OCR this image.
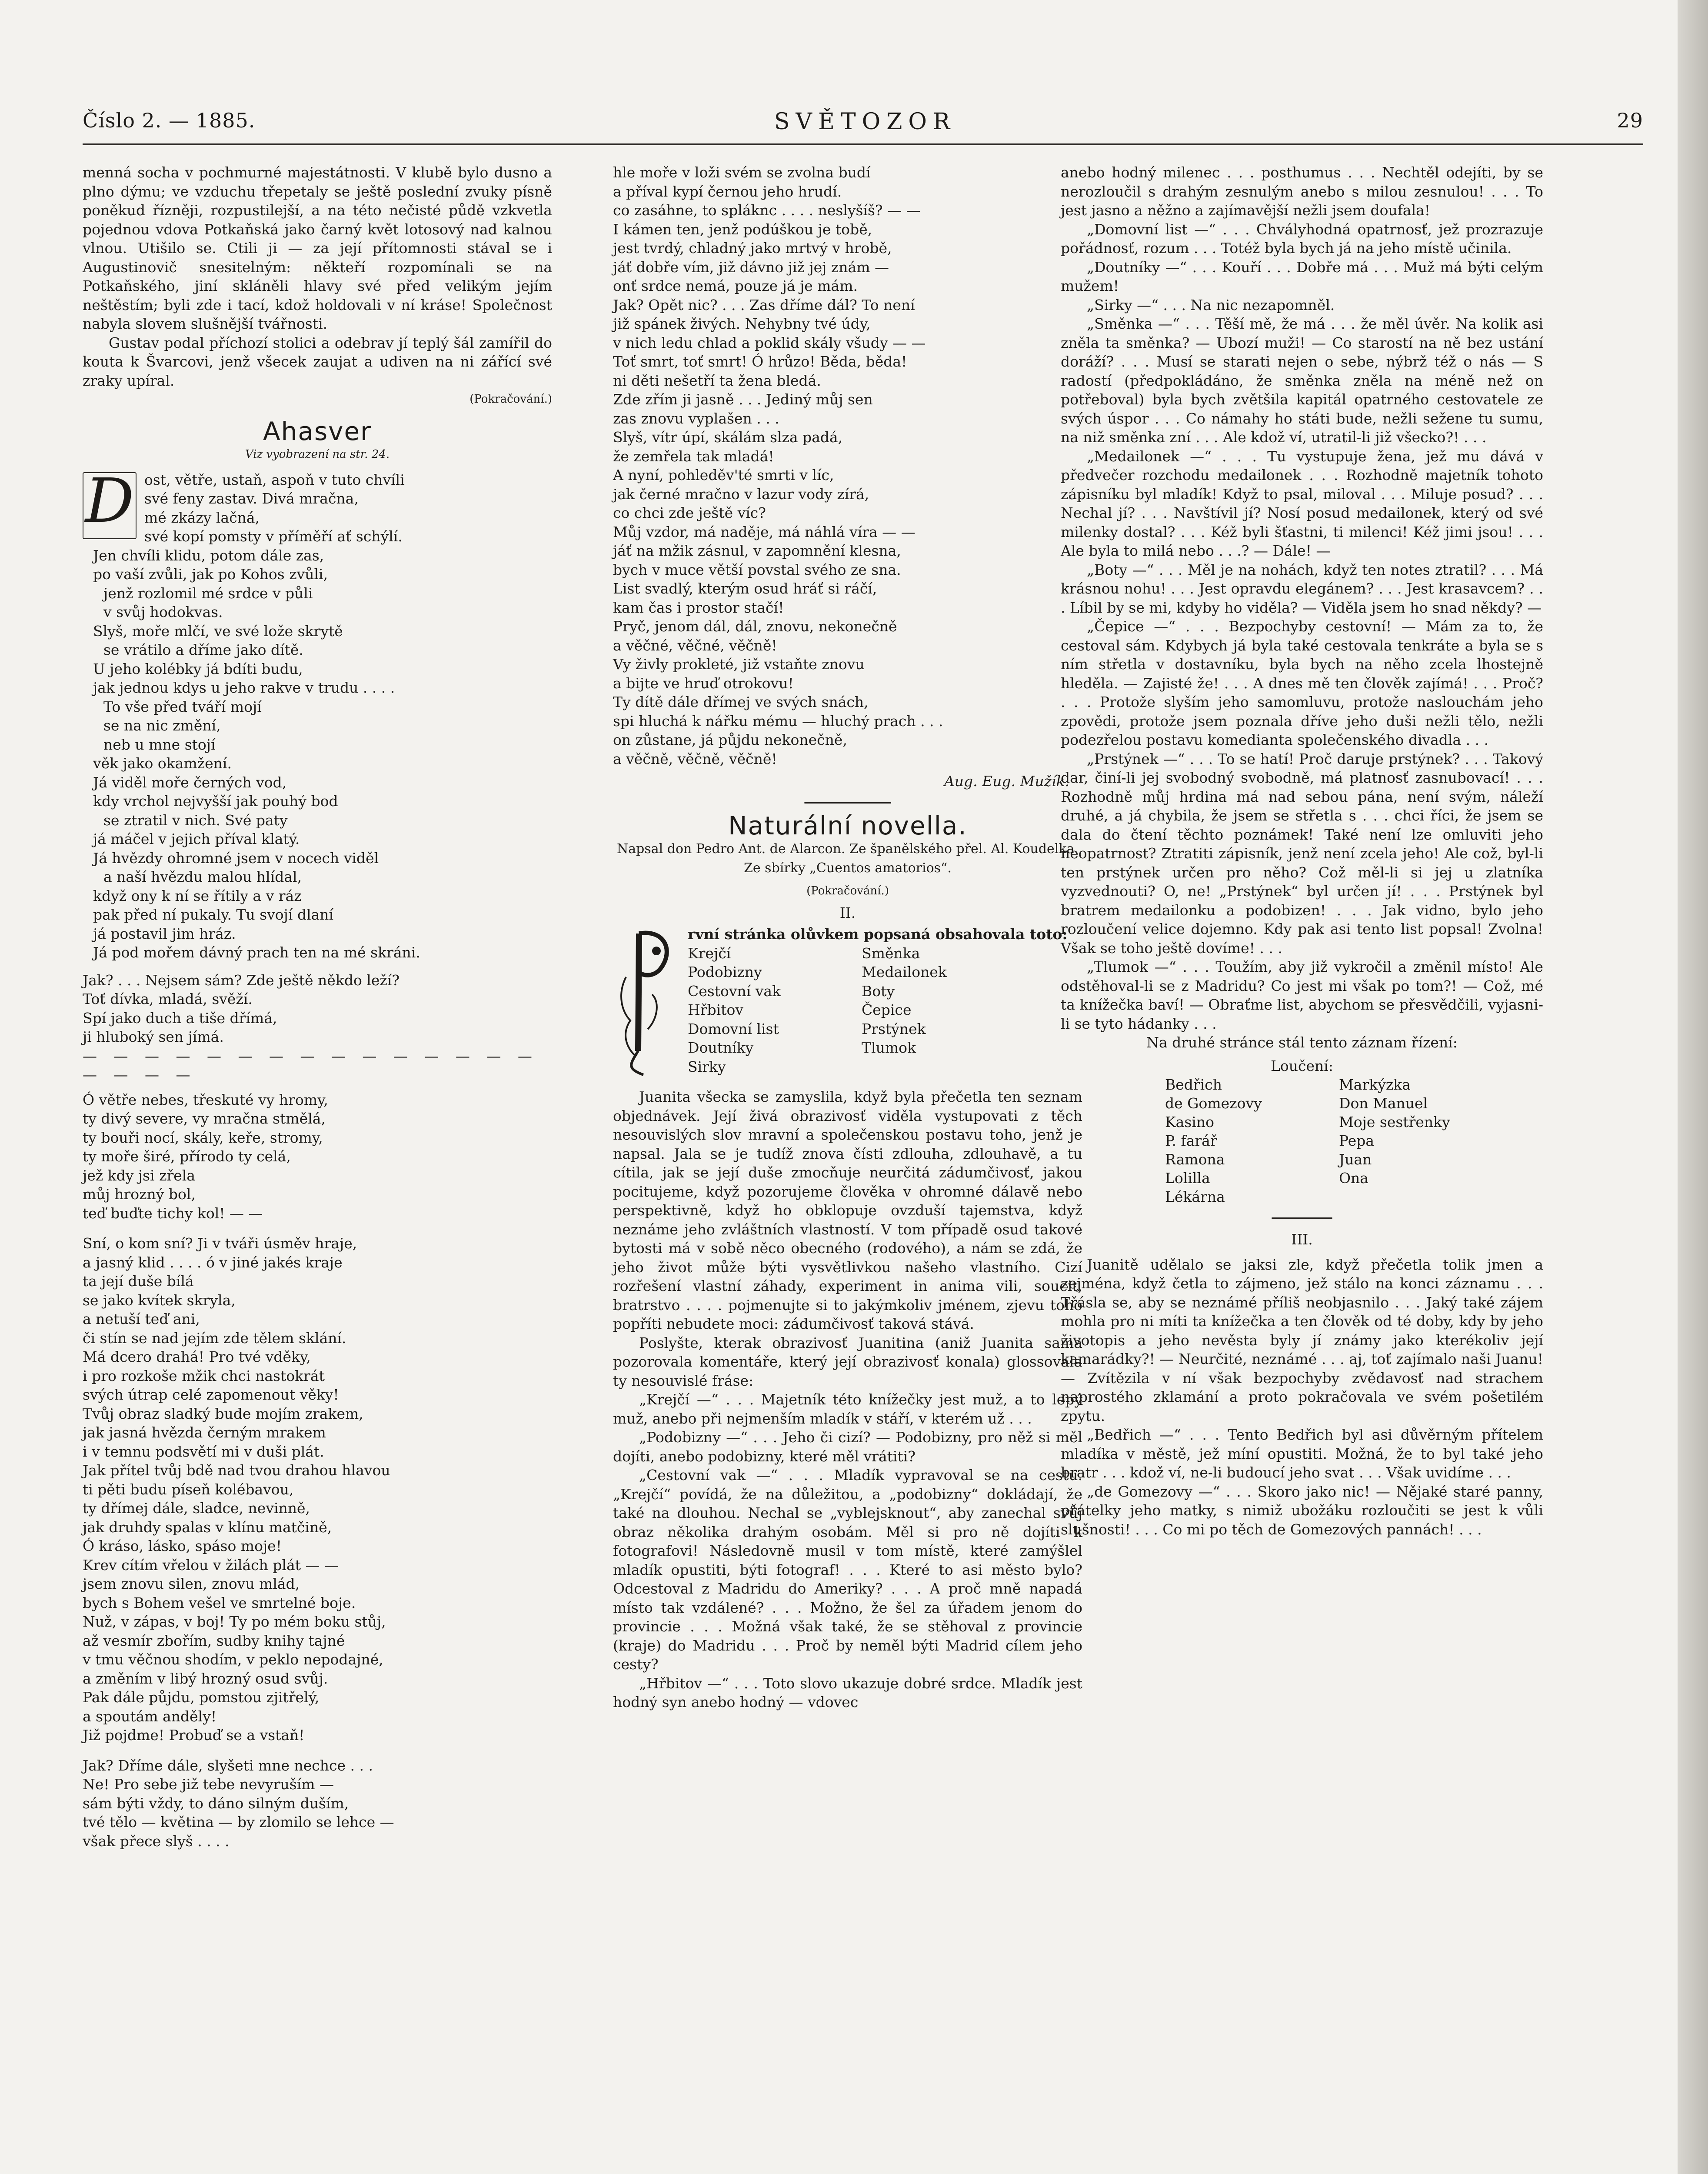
Číslo 2. — 1885.	SVĚTOZOR	29

menná socha v pochmurné majestátnosti. V klubě bylo dusno a plno dýmu; ve vzduchu třepetaly se ještě poslední zvuky písně poněkud řízněji, rozpustilejší, a na této nečisté půdě vzkvetla pojednou vdova Potkaňská jako čarný květ lotosový nad kalnou vlnou. Utišilo se. Ctili ji — za její přítomnosti stával se i Augustinovič snesitelným: někteří rozpomínali se na Potkaňského, jiní skláněli hlavy své před velikým jejím neštěstím; byli zde i tací, kdož holdovali v ní kráse! Společnost nabyla slovem slušnější tvářnosti.

Gustav podal příchozí stolici a odebrav jí teplý šál zamířil do kouta k Švarcovi, jenž všecek zaujat a udiven na ni zářící své zraky upíral.

(Pokračování.)

Ahasver

Viz vyobrazení na str. 24.

D ost, větře, ustaň, aspoň v tuto chvíli

své feny zastav. Divá mračna,

mé zkázy lačná,

své kopí pomsty v příměří ať schýlí.

Jen chvíli klidu, potom dále zas,

po vaší zvůli, jak po Kohos zvůli,

jenž rozlomil mé srdce v půli

v svůj hodokvas.

Slyš, moře mlčí, ve své lože skrytě

se vrátilo a dříme jako dítě.

U jeho kolébky já bdíti budu,

jak jednou kdys u jeho rakve v trudu . . . .

To vše před tváří mojí

se na nic změní,

neb u mne stojí

věk jako okamžení.

Já viděl moře černých vod,

kdy vrchol nejvyšší jak pouhý bod

se ztratil v nich. Své paty

já máčel v jejich příval klatý.

Já hvězdy ohromné jsem v nocech viděl

a naší hvězdu malou hlídal,

když ony k ní se řítily a v ráz

pak před ní pukaly. Tu svojí dlaní

já postavil jim hráz.

Já pod mořem dávný prach ten na mé skráni.

Jak? . . . Nejsem sám? Zde ještě někdo leží?

Toť dívka, mladá, svěží.

Spí jako duch a tiše dřímá,

ji hluboký sen jímá.

— — — — — — — — — — — — — — — — — — —

Ó větře nebes, třeskuté vy hromy,

ty divý severe, vy mračna stmělá,

ty bouři nocí, skály, keře, stromy,

ty moře širé, přírodo ty celá,

jež kdy jsi zřela

můj hrozný bol,

teď buďte tichy kol! — —

Sní, o kom sní? Ji v tváři úsměv hraje,

a jasný klid . . . . ó v jiné jakés kraje

ta její duše bílá

se jako kvítek skryla,

a netuší teď ani,

či stín se nad jejím zde tělem sklání.

Má dcero drahá! Pro tvé vděky,

i pro rozkoše mžik chci nastokrát

svých útrap celé zapomenout věky!

Tvůj obraz sladký bude mojím zrakem,

jak jasná hvězda černým mrakem

i v temnu podsvětí mi v duši plát.

Jak přítel tvůj bdě nad tvou drahou hlavou

ti pěti budu píseň kolébavou,

ty dřímej dále, sladce, nevinně,

jak druhdy spalas v klínu matčině,

Ó kráso, lásko, spáso moje!

Krev cítím vřelou v žilách plát — —

jsem znovu silen, znovu mlád,

bych s Bohem vešel ve smrtelné boje.

Nuž, v zápas, v boj! Ty po mém boku stůj,

až vesmír zbořím, sudby knihy tajné

v tmu věčnou shodím, v peklo nepodajné,

a změním v libý hrozný osud svůj.

Pak dále půjdu, pomstou zjitřelý,

a spoutám anděly!

Již pojdme! Probuď se a vstaň!

Jak? Dříme dále, slyšeti mne nechce . . .

Ne! Pro sebe již tebe nevyruším —

sám býti vždy, to dáno silným duším,

tvé tělo — květina — by zlomilo se lehce —

však přece slyš . . . .

hle moře v loži svém se zvolna budí

a příval kypí černou jeho hrudí.

co zasáhne, to spláknc . . . . neslyšíš? — —

I kámen ten, jenž podúškou je tobě,

jest tvrdý, chladný jako mrtvý v hrobě,

jáť dobře vím, již dávno již jej znám —

onť srdce nemá, pouze já je mám.

Jak? Opět nic? . . . Zas dříme dál? To není

již spánek živých. Nehybny tvé údy,

v nich ledu chlad a poklid skály všudy — —

Toť smrt, toť smrt! Ó hrůzo! Běda, běda!

ni děti nešetří ta žena bledá.

Zde zřím ji jasně . . . Jediný můj sen

zas znovu vyplašen . . .

Slyš, vítr úpí, skálám slza padá,

že zemřela tak mladá!

A nyní, pohleděv'té smrti v líc,

jak černé mračno v lazur vody zírá,

co chci zde ještě víc?

Můj vzdor, má naděje, má náhlá víra — —

jáť na mžik zásnul, v zapomnění klesna,

bych v muce větší povstal svého ze sna.

List svadlý, kterým osud hráť si ráčí,

kam čas i prostor stačí!

Pryč, jenom dál, dál, znovu, nekonečně

a věčné, věčné, věčně!

Vy živly prokleté, již vstaňte znovu

a bijte ve hruď otrokovu!

Ty dítě dále dřímej ve svých snách,

spi hluchá k nářku mému — hluchý prach . . .

on zůstane, já půjdu nekonečně,

a věčně, věčně, věčně!

Aug. Eug. Mužík.

Naturální novella.

Napsal don Pedro Ant. de Alarcon. Ze španělského přel. Al. Koudelka.

Ze sbírky „Cuentos amatorios“.

(Pokračování.)

II.

rvní stránka olůvkem popsaná obsahovala toto:

Krejčí
Podobizny
Cestovní vak
Hřbitov
Domovní list
Doutníky
Sirky
Směnka
Medailonek
Boty
Čepice
Prstýnek
Tlumok

Juanita všecka se zamyslila, když byla přečetla ten seznam objednávek. Její živá obrazivosť viděla vystupovati z těch nesouvislých slov mravní a společenskou postavu toho, jenž je napsal. Jala se je tudíž znova čísti zdlouha, zdlouhavě, a tu cítila, jak se její duše zmocňuje neurčitá zádumčivosť, jakou pocitujeme, když pozorujeme člověka v ohromné dálavě nebo perspektivně, když ho obklopuje ovzduší tajemstva, když neznáme jeho zvláštních vlastností. V tom případě osud takové bytosti má v sobě něco obecného (rodového), a nám se zdá, že jeho život může býti vysvětlivkou našeho vlastního. Cizí rozřešení vlastní záhady, experiment in anima vili, soucit, bratrstvo . . . . pojmenujte si to jakýmkoliv jménem, zjevu toho popříti nebudete moci: zádumčivosť taková stává.

Poslyšte, kterak obrazivosť Juanitina (aniž Juanita sama pozorovala komentáře, který její obrazivosť konala) glossovala ty nesouvislé fráse:

„Krejčí —“ . . . Majetník této knížečky jest muž, a to lepý muž, anebo při nejmenším mladík v stáří, v kterém už . . .

„Podobizny —“ . . . Jeho či cizí? — Podobizny, pro něž si měl dojíti, anebo podobizny, které měl vrátiti?

„Cestovní vak —“ . . . Mladík vypravoval se na cestu. „Krejčí“ povídá, že na důležitou, a „podobizny“ dokládají, že také na dlouhou. Nechal se „vyblejsknout“, aby zanechal svůj obraz několika drahým osobám. Měl si pro ně dojíti k fotografovi! Následovně musil v tom místě, které zamýšlel mladík opustiti, býti fotograf! . . . Které to asi město bylo? Odcestoval z Madridu do Ameriky? . . . A proč mně napadá místo tak vzdálené? . . . Možno, že šel za úřadem jenom do provincie . . . Možná však také, že se stěhoval z provincie (kraje) do Madridu . . . Proč by neměl býti Madrid cílem jeho cesty?

„Hřbitov —“ . . . Toto slovo ukazuje dobré srdce. Mladík jest hodný syn anebo hodný — vdovec

anebo hodný milenec . . . posthumus . . . Nechtěl odejíti, by se nerozloučil s drahým zesnulým anebo s milou zesnulou! . . . To jest jasno a něžno a zajímavější nežli jsem doufala!

„Domovní list —“ . . . Chvályhodná opatrnosť, jež prozrazuje pořádnosť, rozum . . . Totéž byla bych já na jeho místě učinila.

„Doutníky —“ . . . Kouří . . . Dobře má . . . Muž má býti celým mužem!

„Sirky —“ . . . Na nic nezapomněl.

„Směnka —“ . . . Těší mě, že má . . . že měl úvěr. Na kolik asi zněla ta směnka? — Ubozí muži! — Co starostí na ně bez ustání doráží? . . . Musí se starati nejen o sebe, nýbrž též o nás — S radostí (předpokládáno, že směnka zněla na méně než on potřeboval) byla bych zvětšila kapitál opatrného cestovatele ze svých úspor . . . Co námahy ho státi bude, nežli sežene tu sumu, na niž směnka zní . . . Ale kdož ví, utratil-li již všecko?! . . .

„Medailonek —“ . . . Tu vystupuje žena, jež mu dává v předvečer rozchodu medailonek . . . Rozhodně majetník tohoto zápisníku byl mladík! Když to psal, miloval . . . Miluje posud? . . . Nechal jí? . . . Navštívil jí? Nosí posud medailonek, který od své milenky dostal? . . . Kéž byli šťastni, ti milenci! Kéž jimi jsou! . . . Ale byla to milá nebo . . .? — Dále! —

„Boty —“ . . . Měl je na nohách, když ten notes ztratil? . . . Má krásnou nohu! . . . Jest opravdu elegánem? . . . Jest krasavcem? . . . Líbil by se mi, kdyby ho viděla? — Viděla jsem ho snad někdy? —

„Čepice —“ . . . Bezpochyby cestovní! — Mám za to, že cestoval sám. Kdybych já byla také cestovala tenkráte a byla se s ním střetla v dostavníku, byla bych na něho zcela lhostejně hleděla. — Zajisté že! . . . A dnes mě ten člověk zajímá! . . . Proč? . . . Protože slyším jeho samomluvu, protože naslouchám jeho zpovědi, protože jsem poznala dříve jeho duši nežli tělo, nežli podezřelou postavu komedianta společenského divadla . . .

„Prstýnek —“ . . . To se hatí! Proč daruje prstýnek? . . . Takový dar, činí-li jej svobodný svobodně, má platnosť zasnubovací! . . . Rozhodně můj hrdina má nad sebou pána, není svým, náleží druhé, a já chybila, že jsem se střetla s . . . chci říci, že jsem se dala do čtení těchto poznámek! Také není lze omluviti jeho neopatrnost? Ztratiti zápisník, jenž není zcela jeho! Ale což, byl-li ten prstýnek určen pro něho? Což měl-li si jej u zlatníka vyzvednouti? O, ne! „Prstýnek“ byl určen jí! . . . Prstýnek byl bratrem medailonku a podobizen! . . . Jak vidno, bylo jeho rozloučení velice dojemno. Kdy pak asi tento list popsal! Zvolna! Však se toho ještě dovíme! . . .

„Tlumok —“ . . . Toužím, aby již vykročil a změnil místo! Ale odstěhoval-li se z Madridu? Co jest mi však po tom?! — Což, mé ta knížečka baví! — Obraťme list, abychom se přesvědčili, vyjasni-li se tyto hádanky . . .

Na druhé stránce stál tento záznam řízení:

Loučení:

Bedřich
de Gomezovy
Kasino
P. farář
Ramona
Lolilla
Lékárna
Markýzka
Don Manuel
Moje sestřenky
Pepa
Juan
Ona

III.

Juanitě udělalo se jaksi zle, když přečetla tolik jmen a zejména, když četla to zájmeno, jež stálo na konci záznamu . . . Třásla se, aby se neznámé příliš neobjasnilo . . . Jaký také zájem mohla pro ni míti ta knížečka a ten člověk od té doby, kdy by jeho životopis a jeho nevěsta byly jí známy jako kterékoliv její kamarádky?! — Neurčité, neznámé . . . aj, toť zajímalo naši Juanu! — Zvítězila v ní však bezpochyby zvědavosť nad strachem naprostého zklamání a proto pokračovala ve svém pošetilém zpytu.

„Bedřich —“ . . . Tento Bedřich byl asi důvěrným přítelem mladíka v městě, jež míní opustiti. Možná, že to byl také jeho bratr . . . kdož ví, ne-li budoucí jeho svat . . . Však uvidíme . . .

„de Gomezovy —“ . . . Skoro jako nic! — Nějaké staré panny, přátelky jeho matky, s nimiž ubožáku rozloučiti se jest k vůli slušnosti! . . . Co mi po těch de Gomezových pannách! . . .
